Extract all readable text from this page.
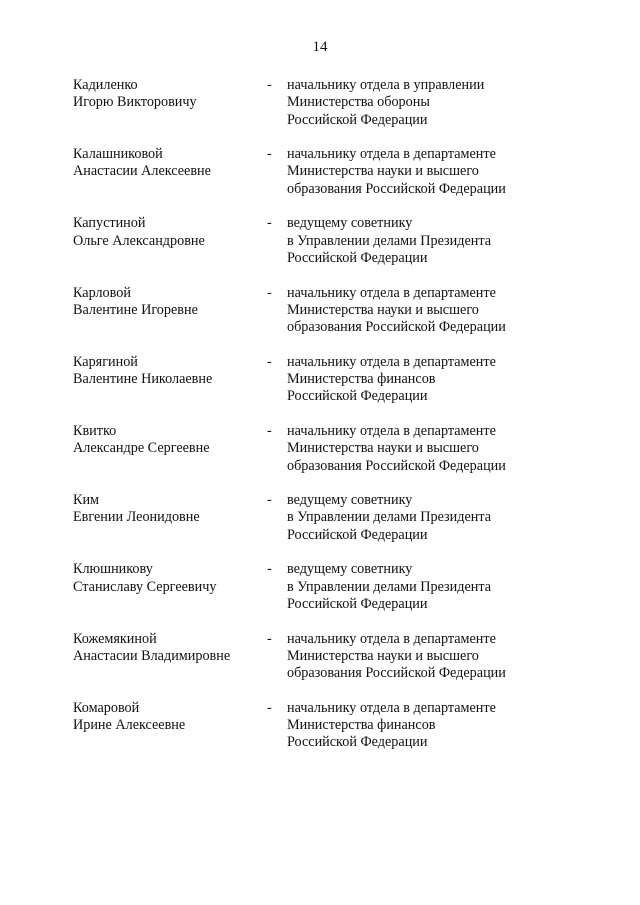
14
Кадиленко
Игорю Викторовичу
- начальнику отдела в управлении
Министерства обороны
Российской Федерации
Калашниковой
Анастасии Алексеевне
- начальнику отдела в департаменте
Министерства науки и высшего
образования Российской Федерации
Капустиной
Ольге Александровне
- ведущему советнику
в Управлении делами Президента
Российской Федерации
Карловой
Валентине Игоревне
- начальнику отдела в департаменте
Министерства науки и высшего
образования Российской Федерации
Карягиной
Валентине Николаевне
- начальнику отдела в департаменте
Министерства финансов
Российской Федерации
Квитко
Александре Сергеевне
- начальнику отдела в департаменте
Министерства науки и высшего
образования Российской Федерации
Ким
Евгении Леонидовне
- ведущему советнику
в Управлении делами Президента
Российской Федерации
Клюшникову
Станиславу Сергеевичу
- ведущему советнику
в Управлении делами Президента
Российской Федерации
Кожемякиной
Анастасии Владимировне
- начальнику отдела в департаменте
Министерства науки и высшего
образования Российской Федерации
Комаровой
Ирине Алексеевне
- начальнику отдела в департаменте
Министерства финансов
Российской Федерации
